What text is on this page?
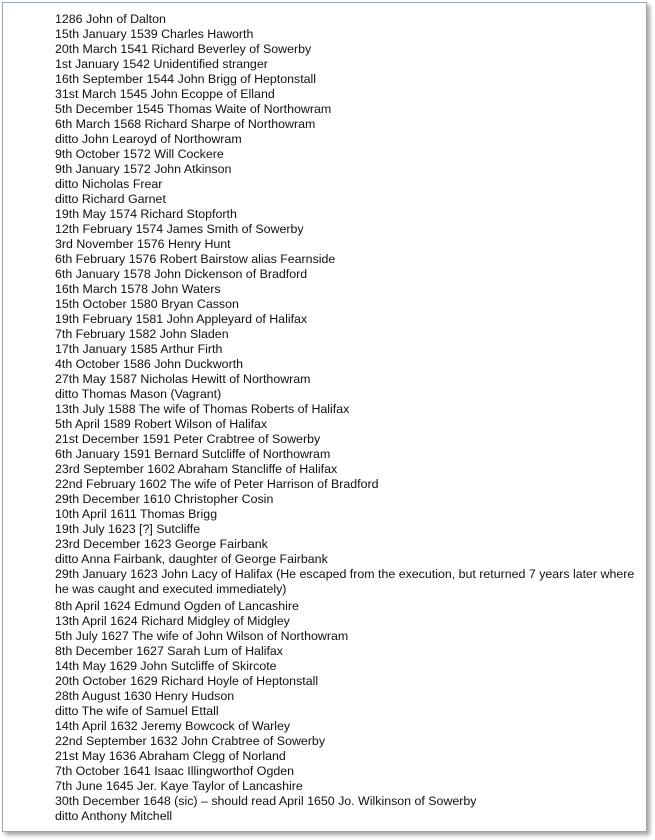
1286 John of Dalton
15th January 1539 Charles Haworth
20th March 1541 Richard Beverley of Sowerby
1st January 1542 Unidentified stranger
16th September 1544 John Brigg of Heptonstall
31st March 1545 John Ecoppe of Elland
5th December 1545 Thomas Waite of Northowram
6th March 1568 Richard Sharpe of Northowram
ditto John Learoyd of Northowram
9th October 1572 Will Cockere
9th January 1572 John Atkinson
ditto Nicholas Frear
ditto Richard Garnet
19th May 1574 Richard Stopforth
12th February 1574 James Smith of Sowerby
3rd November 1576 Henry Hunt
6th February 1576 Robert Bairstow alias Fearnside
6th January 1578 John Dickenson of Bradford
16th March 1578 John Waters
15th October 1580 Bryan Casson
19th February 1581 John Appleyard of Halifax
7th February 1582 John Sladen
17th January 1585 Arthur Firth
4th October 1586 John Duckworth
27th May 1587 Nicholas Hewitt of Northowram
ditto Thomas Mason (Vagrant)
13th July 1588 The wife of Thomas Roberts of Halifax
5th April 1589 Robert Wilson of Halifax
21st December 1591 Peter Crabtree of Sowerby
6th January 1591 Bernard Sutcliffe of Northowram
23rd September 1602 Abraham Stancliffe of Halifax
22nd February 1602 The wife of Peter Harrison of Bradford
29th December 1610 Christopher Cosin
10th April 1611 Thomas Brigg
19th July 1623 [?] Sutcliffe
23rd December 1623 George Fairbank
ditto Anna Fairbank, daughter of George Fairbank
29th January 1623 John Lacy of Halifax (He escaped from the execution, but returned 7 years later where he was caught and executed immediately)
8th April 1624 Edmund Ogden of Lancashire
13th April 1624 Richard Midgley of Midgley
5th July 1627 The wife of John Wilson of Northowram
8th December 1627 Sarah Lum of Halifax
14th May 1629 John Sutcliffe of Skircote
20th October 1629 Richard Hoyle of Heptonstall
28th August 1630 Henry Hudson
ditto The wife of Samuel Ettall
14th April 1632 Jeremy Bowcock of Warley
22nd September 1632 John Crabtree of Sowerby
21st May 1636 Abraham Clegg of Norland
7th October 1641 Isaac Illingworthof Ogden
7th June 1645 Jer. Kaye Taylor of Lancashire
30th December 1648 (sic) – should read April 1650 Jo. Wilkinson of Sowerby
ditto Anthony Mitchell
